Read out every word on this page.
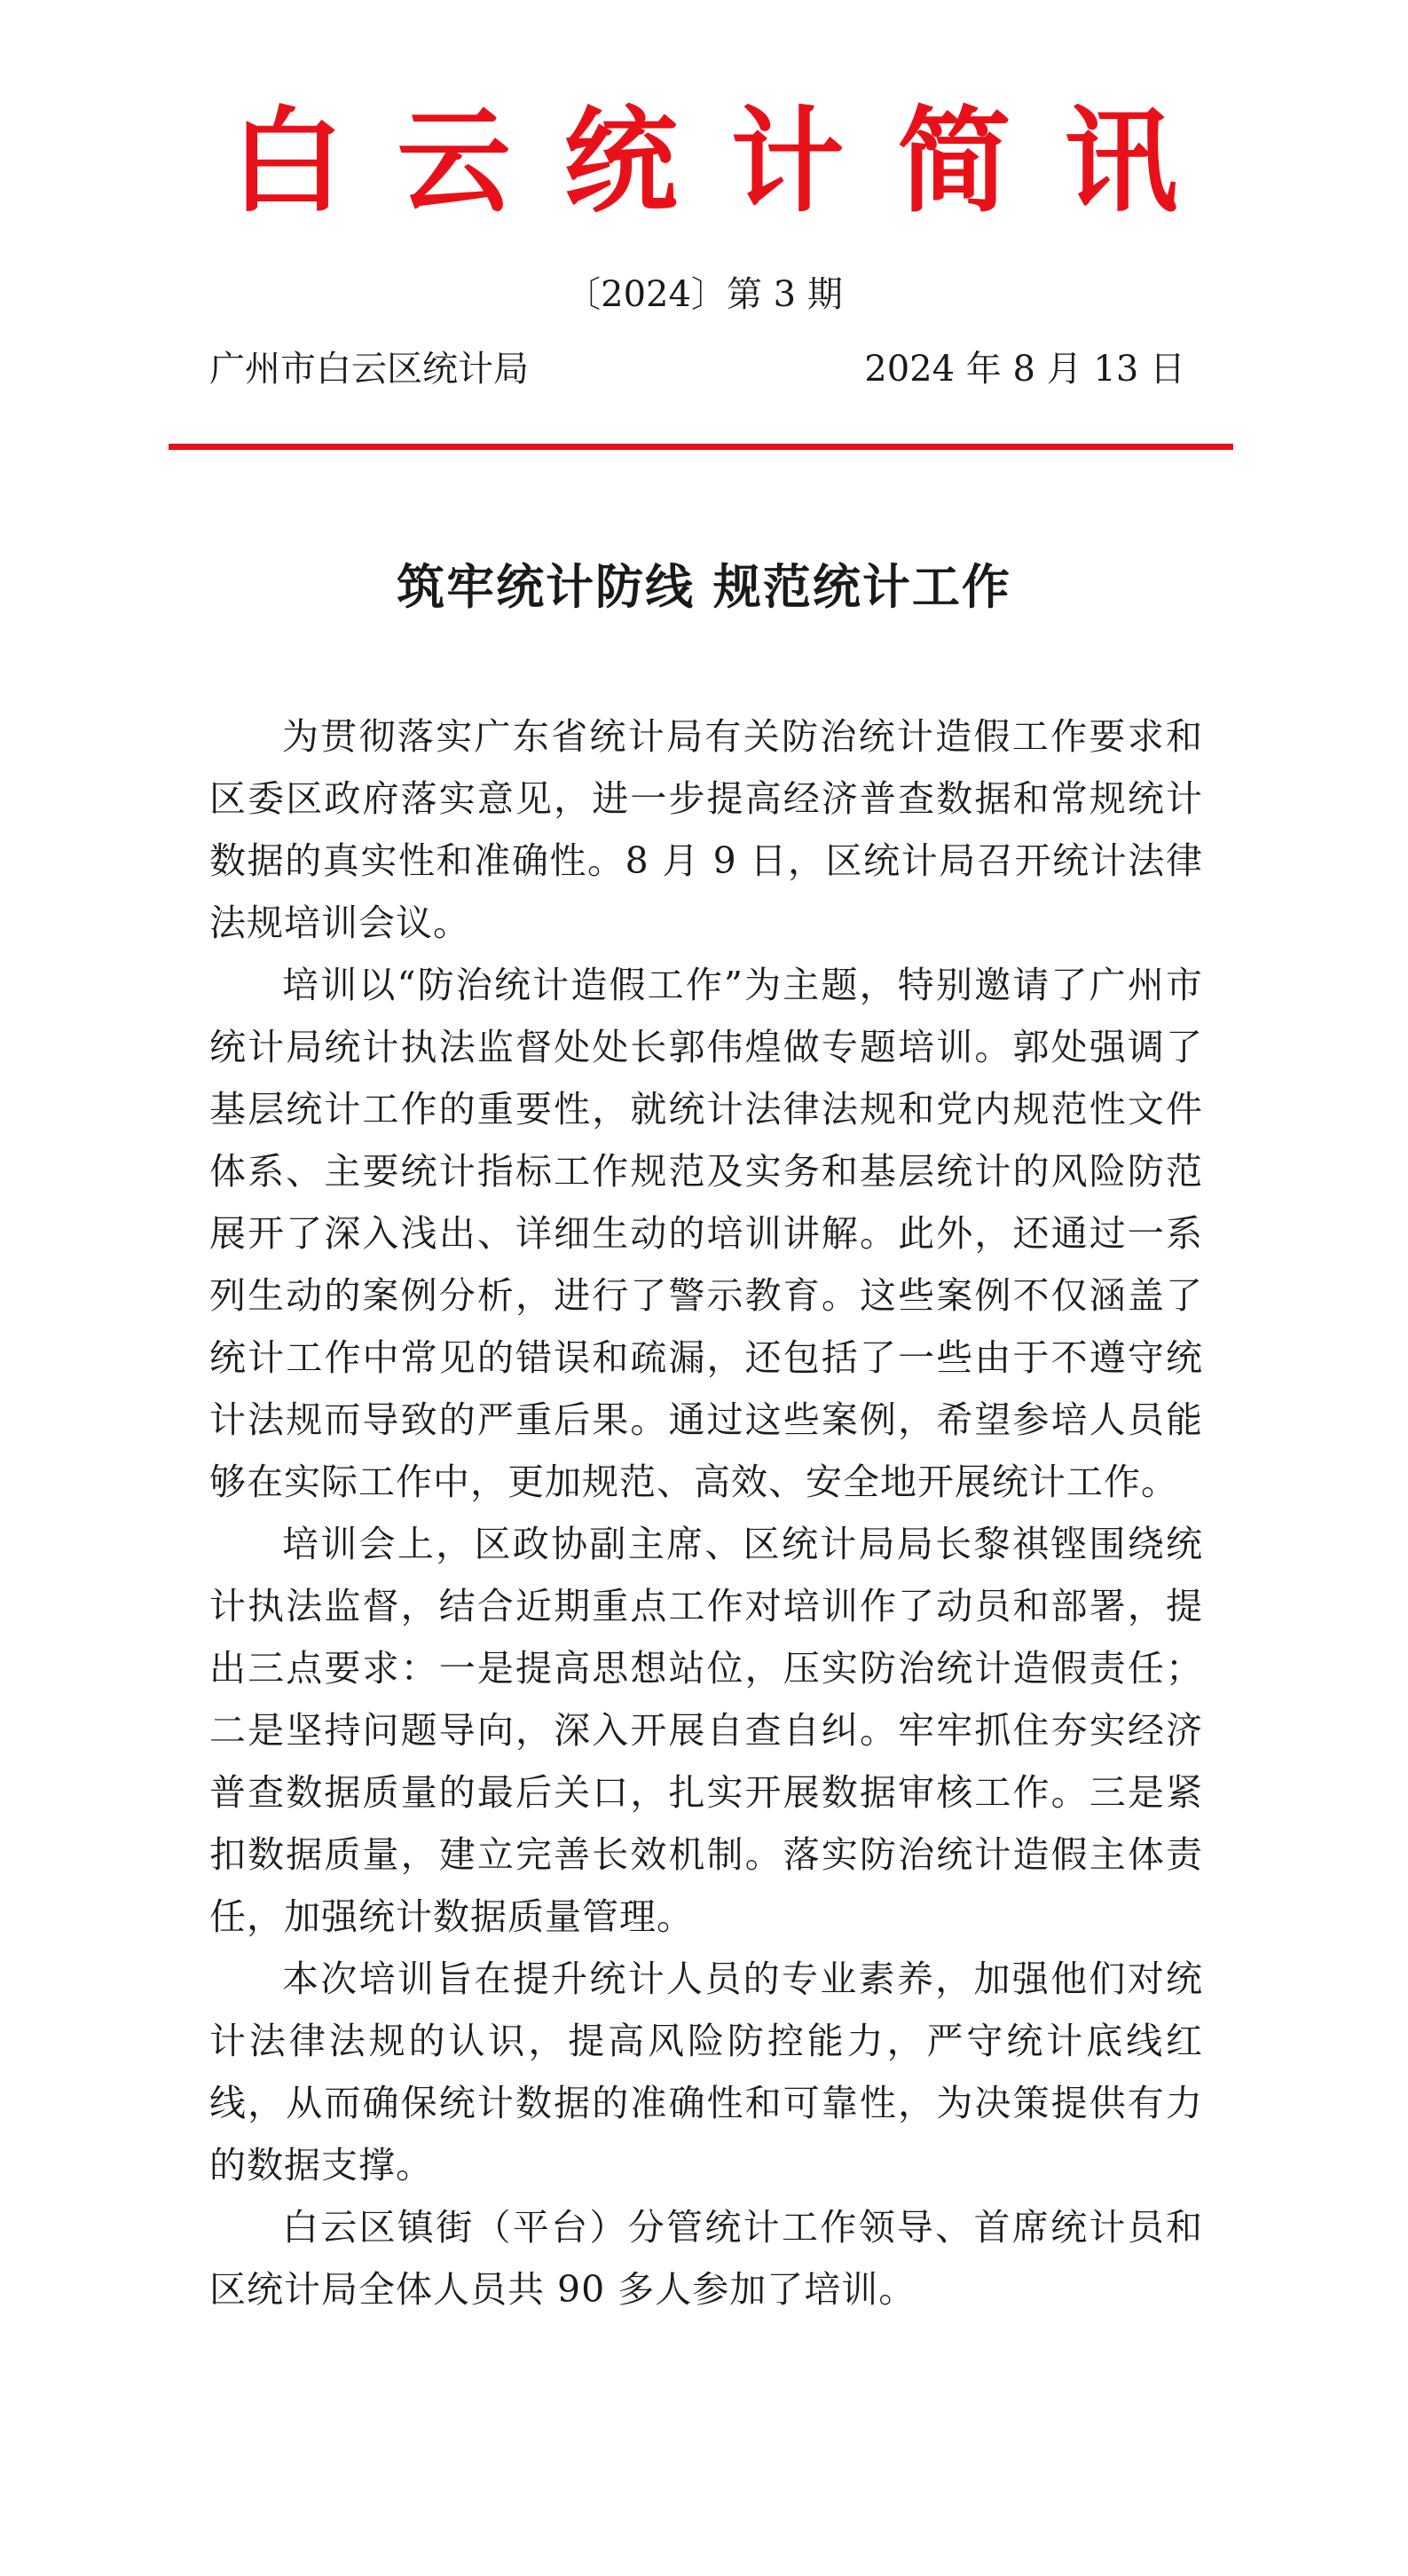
白云统计简讯
〔2024〕第 3 期
广州市白云区统计局	2024 年 8 月 13 日
筑牢统计防线 规范统计工作

为贯彻落实广东省统计局有关防治统计造假工作要求和区委区政府落实意见，进一步提高经济普查数据和常规统计数据的真实性和准确性。8 月 9 日，区统计局召开统计法律法规培训会议。

培训以“防治统计造假工作”为主题，特别邀请了广州市统计局统计执法监督处处长郭伟煌做专题培训。郭处强调了基层统计工作的重要性，就统计法律法规和党内规范性文件体系、主要统计指标工作规范及实务和基层统计的风险防范展开了深入浅出、详细生动的培训讲解。此外，还通过一系列生动的案例分析，进行了警示教育。这些案例不仅涵盖了统计工作中常见的错误和疏漏，还包括了一些由于不遵守统计法规而导致的严重后果。通过这些案例，希望参培人员能够在实际工作中，更加规范、高效、安全地开展统计工作。

培训会上，区政协副主席、区统计局局长黎祺铿围绕统计执法监督，结合近期重点工作对培训作了动员和部署，提出三点要求：一是提高思想站位，压实防治统计造假责任；二是坚持问题导向，深入开展自查自纠。牢牢抓住夯实经济普查数据质量的最后关口，扎实开展数据审核工作。三是紧扣数据质量，建立完善长效机制。落实防治统计造假主体责任，加强统计数据质量管理。

本次培训旨在提升统计人员的专业素养，加强他们对统计法律法规的认识，提高风险防控能力，严守统计底线红线，从而确保统计数据的准确性和可靠性，为决策提供有力的数据支撑。

白云区镇街（平台）分管统计工作领导、首席统计员和区统计局全体人员共 90 多人参加了培训。
